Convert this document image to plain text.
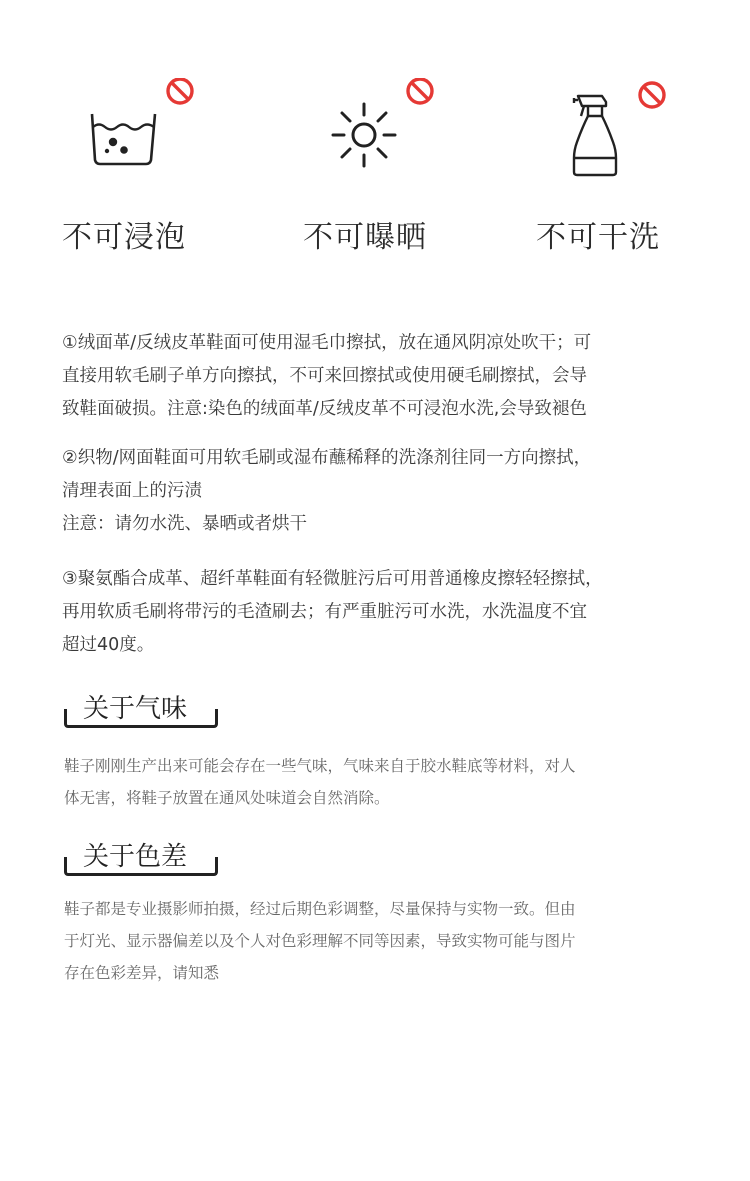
不可浸泡	不可曝晒	不可干洗
①绒面革/反绒皮革鞋面可使用湿毛巾擦拭，放在通风阴凉处吹干；可
直接用软毛刷子单方向擦拭，不可来回擦拭或使用硬毛刷擦拭，会导
致鞋面破损。注意:染色的绒面革/反绒皮革不可浸泡水洗,会导致褪色
②织物/网面鞋面可用软毛刷或湿布蘸稀释的洗涤剂往同一方向擦拭，
清理表面上的污渍
注意：请勿水洗、暴晒或者烘干
③聚氨酯合成革、超纤革鞋面有轻微脏污后可用普通橡皮擦轻轻擦拭，
再用软质毛刷将带污的毛渣刷去；有严重脏污可水洗，水洗温度不宜
超过40度。
关于气味
鞋子刚刚生产出来可能会存在一些气味，气味来自于胶水鞋底等材料，对人
体无害，将鞋子放置在通风处味道会自然消除。
关于色差
鞋子都是专业摄影师拍摄，经过后期色彩调整，尽量保持与实物一致。但由
于灯光、显示器偏差以及个人对色彩理解不同等因素，导致实物可能与图片
存在色彩差异，请知悉
